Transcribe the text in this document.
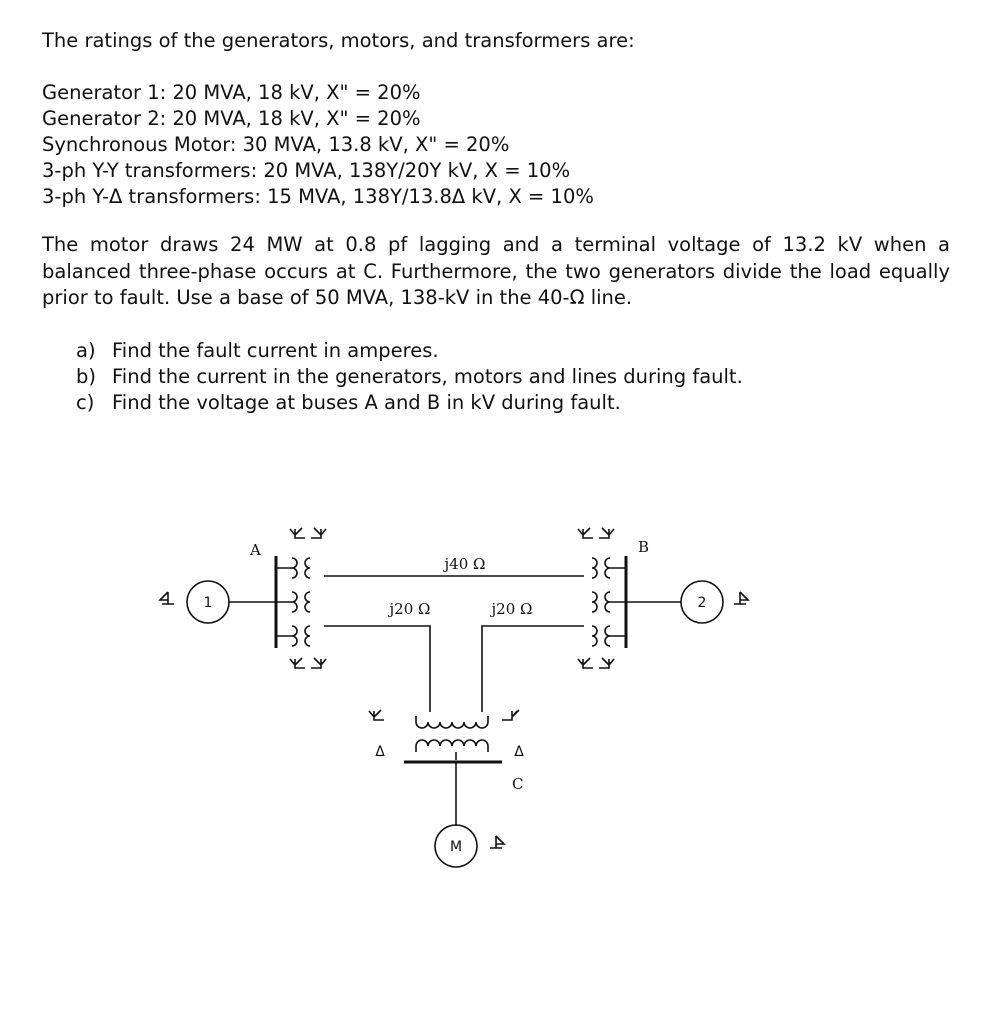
The ratings of the generators, motors, and transformers are:
Generator 1: 20 MVA, 18 kV, X" = 20%
Generator 2: 20 MVA, 18 kV, X" = 20%
Synchronous Motor: 30 MVA, 13.8 kV, X" = 20%
3-ph Y-Y transformers: 20 MVA, 138Y/20Y kV, X = 10%
3-ph Y-Δ transformers: 15 MVA, 138Y/13.8Δ kV, X = 10%
The motor draws 24 MW at 0.8 pf lagging and a terminal voltage of 13.2 kV when a balanced three-phase occurs at C. Furthermore, the two generators divide the load equally prior to fault. Use a base of 50 MVA, 138-kV in the 40-Ω line.
a) Find the fault current in amperes.
b) Find the current in the generators, motors and lines during fault.
c) Find the voltage at buses A and B in kV during fault.
1
A	B
2
j40 Ω
j20 Ω	j20 Ω
Δ	Δ
C
M
